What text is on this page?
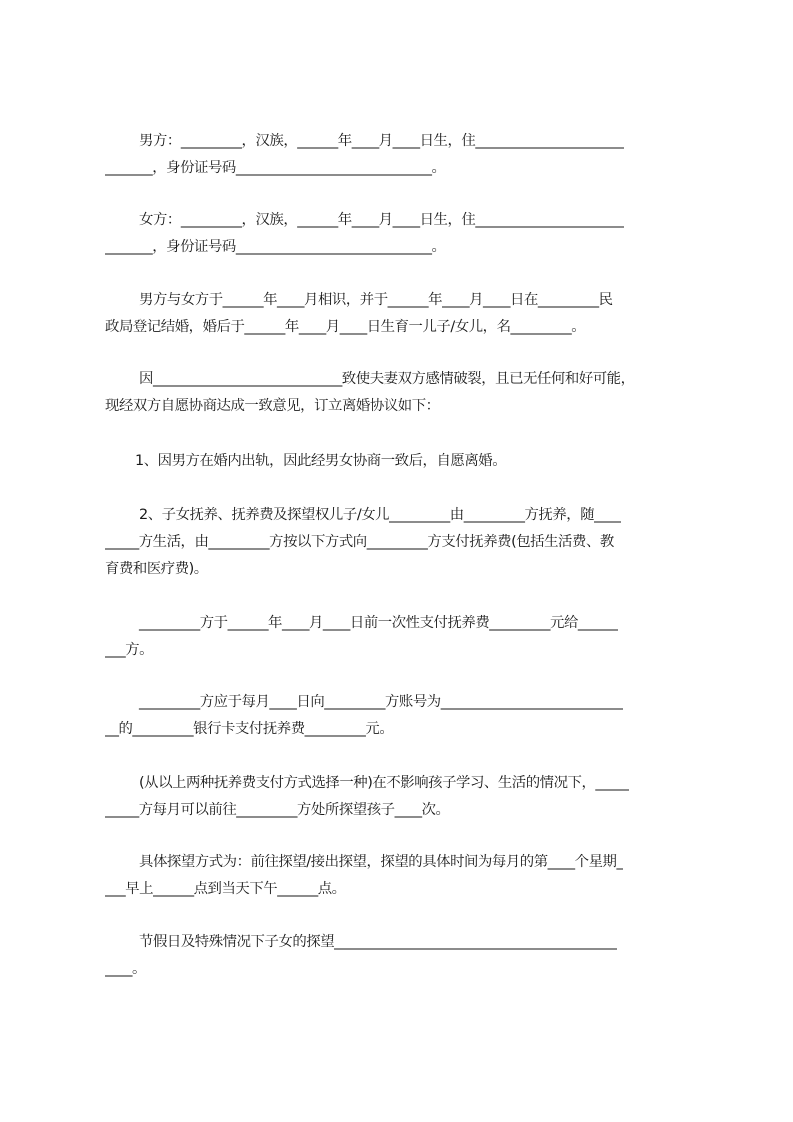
男方：_________，汉族，______年____月____日生，住______________________
_______，身份证号码_____________________________。

女方：_________，汉族，______年____月____日生，住______________________
_______，身份证号码_____________________________。

男方与女方于______年____月相识，并于______年____月____日在_________民
政局登记结婚，婚后于______年____月____日生育一儿子/女儿，名_________。

因____________________________致使夫妻双方感情破裂，且已无任何和好可能，
现经双方自愿协商达成一致意见，订立离婚协议如下：

1、因男方在婚内出轨，因此经男女协商一致后，自愿离婚。

2、子女抚养、抚养费及探望权儿子/女儿_________由_________方抚养，随____
_____方生活，由_________方按以下方式向_________方支付抚养费(包括生活费、教
育费和医疗费)。

_________方于______年____月____日前一次性支付抚养费_________元给______
___方。

_________方应于每月____日向_________方账号为___________________________
__的_________银行卡支付抚养费_________元。

(从以上两种抚养费支付方式选择一种)在不影响孩子学习、生活的情况下，_____
_____方每月可以前往_________方处所探望孩子____次。

具体探望方式为：前往探望/接出探望，探望的具体时间为每月的第____个星期_
___早上______点到当天下午______点。

节假日及特殊情况下子女的探望__________________________________________
____。
